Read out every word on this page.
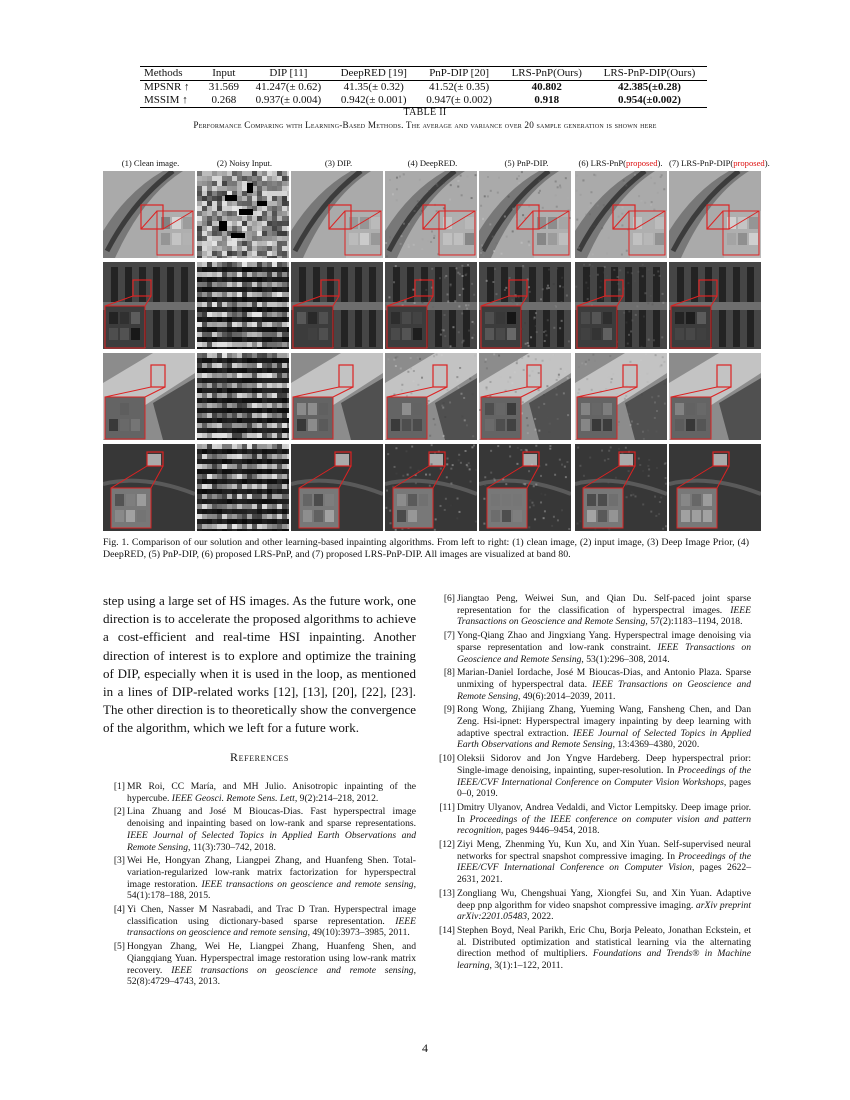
Methods	Input	DIP [11]	DeepRED [19]	PnP-DIP [20]	LRS-PnP(Ours)	LRS-PnP-DIP(Ours)
MPSNR ↑	31.569	41.247(± 0.62)	41.35(± 0.32)	41.52(± 0.35)	40.802	42.385(±0.28)
MSSIM ↑	0.268	0.937(± 0.004)	0.942(± 0.001)	0.947(± 0.002)	0.918	0.954(±0.002)
TABLE II
Performance Comparing with Learning-Based Methods. The average and variance over 20 sample generation is shown here
(1) Clean image.	(2) Noisy Input.	(3) DIP.	(4) DeepRED.	(5) PnP-DIP.	(6) LRS-PnP(proposed). (7) LRS-PnP-DIP(proposed).
Fig. 1. Comparison of our solution and other learning-based inpainting algorithms. From left to right: (1) clean image, (2) input image, (3) Deep Image Prior, (4) DeepRED, (5) PnP-DIP, (6) proposed LRS-PnP, and (7) proposed LRS-PnP-DIP. All images are visualized at band 80.
step using a large set of HS images. As the future work, one direction is to accelerate the proposed algorithms to achieve a cost-efficient and real-time HSI inpainting. Another direction of interest is to explore and optimize the training of DIP, especially when it is used in the loop, as mentioned in a lines of DIP-related works [12], [13], [20], [22], [23]. The other direction is to theoretically show the convergence of the algorithm, which we left for a future work.
References
[1] MR Roi, CC María, and MH Julio. Anisotropic inpainting of the hypercube. IEEE Geosci. Remote Sens. Lett, 9(2):214–218, 2012.
[2] Lina Zhuang and José M Bioucas-Dias. Fast hyperspectral image denoising and inpainting based on low-rank and sparse representations. IEEE Journal of Selected Topics in Applied Earth Observations and Remote Sensing, 11(3):730–742, 2018.
[3] Wei He, Hongyan Zhang, Liangpei Zhang, and Huanfeng Shen. Total-variation-regularized low-rank matrix factorization for hyperspectral image restoration. IEEE transactions on geoscience and remote sensing, 54(1):178–188, 2015.
[4] Yi Chen, Nasser M Nasrabadi, and Trac D Tran. Hyperspectral image classification using dictionary-based sparse representation. IEEE transactions on geoscience and remote sensing, 49(10):3973–3985, 2011.
[5] Hongyan Zhang, Wei He, Liangpei Zhang, Huanfeng Shen, and Qiangqiang Yuan. Hyperspectral image restoration using low-rank matrix recovery. IEEE transactions on geoscience and remote sensing, 52(8):4729–4743, 2013.
[6] Jiangtao Peng, Weiwei Sun, and Qian Du. Self-paced joint sparse representation for the classification of hyperspectral images. IEEE Transactions on Geoscience and Remote Sensing, 57(2):1183–1194, 2018.
[7] Yong-Qiang Zhao and Jingxiang Yang. Hyperspectral image denoising via sparse representation and low-rank constraint. IEEE Transactions on Geoscience and Remote Sensing, 53(1):296–308, 2014.
[8] Marian-Daniel Iordache, José M Bioucas-Dias, and Antonio Plaza. Sparse unmixing of hyperspectral data. IEEE Transactions on Geoscience and Remote Sensing, 49(6):2014–2039, 2011.
[9] Rong Wong, Zhijiang Zhang, Yueming Wang, Fansheng Chen, and Dan Zeng. Hsi-ipnet: Hyperspectral imagery inpainting by deep learning with adaptive spectral extraction. IEEE Journal of Selected Topics in Applied Earth Observations and Remote Sensing, 13:4369–4380, 2020.
[10] Oleksii Sidorov and Jon Yngve Hardeberg. Deep hyperspectral prior: Single-image denoising, inpainting, super-resolution. In Proceedings of the IEEE/CVF International Conference on Computer Vision Workshops, pages 0–0, 2019.
[11] Dmitry Ulyanov, Andrea Vedaldi, and Victor Lempitsky. Deep image prior. In Proceedings of the IEEE conference on computer vision and pattern recognition, pages 9446–9454, 2018.
[12] Ziyi Meng, Zhenming Yu, Kun Xu, and Xin Yuan. Self-supervised neural networks for spectral snapshot compressive imaging. In Proceedings of the IEEE/CVF International Conference on Computer Vision, pages 2622–2631, 2021.
[13] Zongliang Wu, Chengshuai Yang, Xiongfei Su, and Xin Yuan. Adaptive deep pnp algorithm for video snapshot compressive imaging. arXiv preprint arXiv:2201.05483, 2022.
[14] Stephen Boyd, Neal Parikh, Eric Chu, Borja Peleato, Jonathan Eckstein, et al. Distributed optimization and statistical learning via the alternating direction method of multipliers. Foundations and Trends® in Machine learning, 3(1):1–122, 2011.
4
